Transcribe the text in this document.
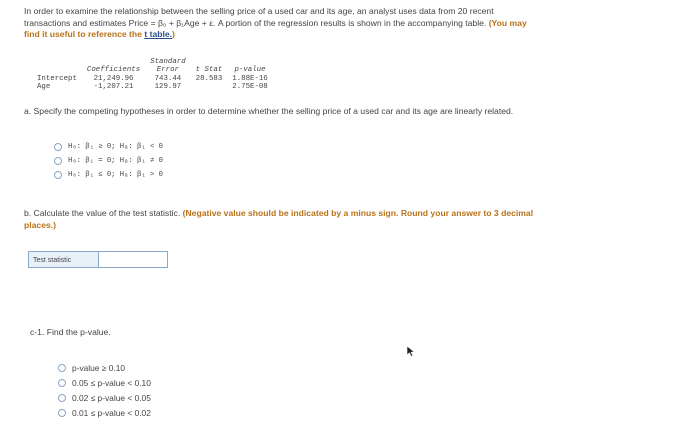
In order to examine the relationship between the selling price of a used car and its age, an analyst uses data from 20 recent
transactions and estimates Price = β₀ + β₁Age + ε. A portion of the regression results is shown in the accompanying table. (You may
find it useful to reference the t table.)
		Standard		
	Coefficients	Error	t Stat	p-value
Intercept	21,249.96	743.44	28.583	1.88E-16
Age	-1,207.21	129.97		2.75E-08
a. Specify the competing hypotheses in order to determine whether the selling price of a used car and its age are linearly related.
H₀: β₁ ≥ 0; Hₐ: β₁ < 0
H₀: β₁ = 0; Hₐ: β₁ ≠ 0
H₀: β₁ ≤ 0; Hₐ: β₁ > 0
b. Calculate the value of the test statistic. (Negative value should be indicated by a minus sign. Round your answer to 3 decimal
places.)
Test statistic
c-1. Find the p-value.
p-value ≥ 0.10
0.05 ≤ p-value < 0.10
0.02 ≤ p-value < 0.05
0.01 ≤ p-value < 0.02
